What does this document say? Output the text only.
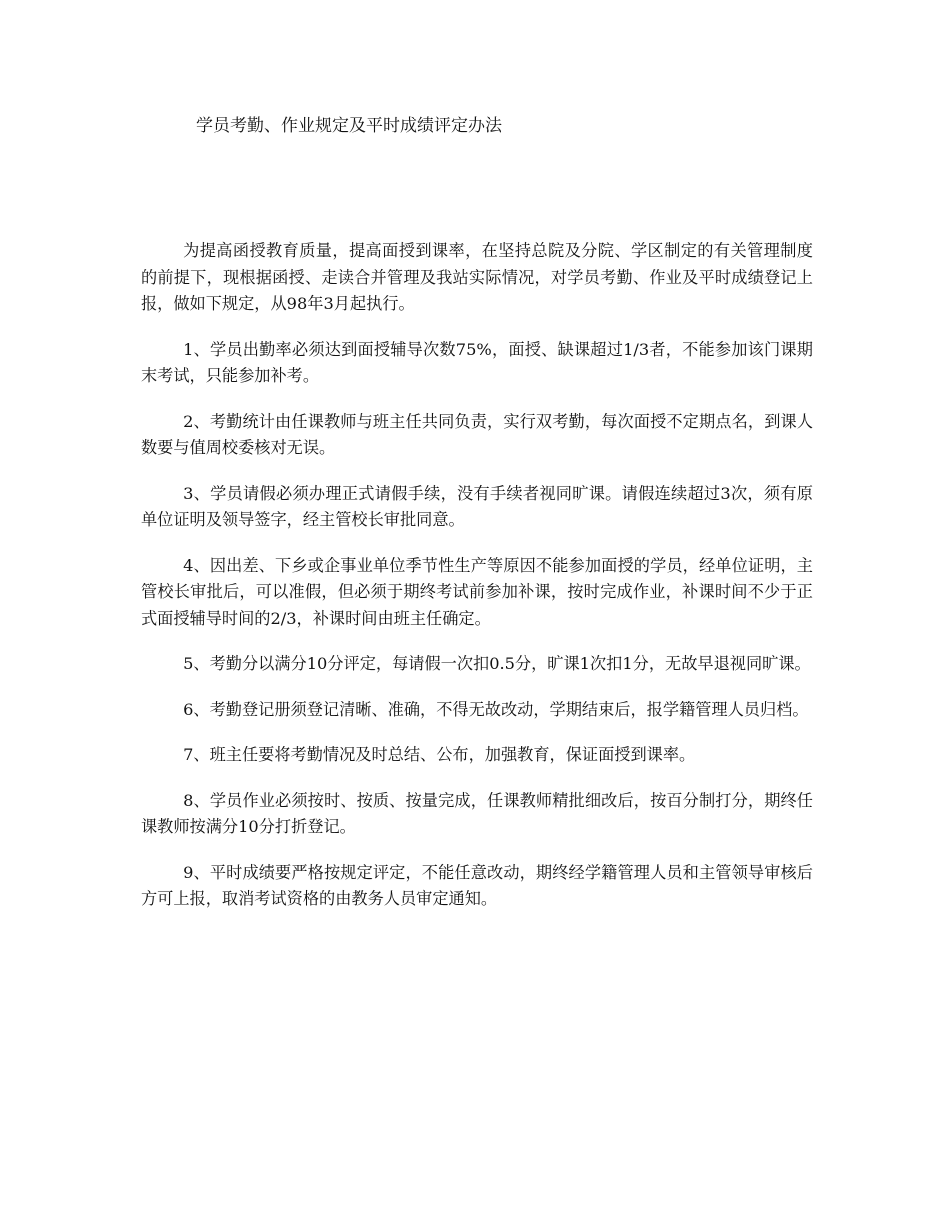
学员考勤、作业规定及平时成绩评定办法

为提高函授教育质量，提高面授到课率，在坚持总院及分院、学区制定的有关管理制度的前提下，现根据函授、走读合并管理及我站实际情况，对学员考勤、作业及平时成绩登记上报，做如下规定，从98年3月起执行。

1、学员出勤率必须达到面授辅导次数75%，面授、缺课超过1/3者，不能参加该门课期末考试，只能参加补考。

2、考勤统计由任课教师与班主任共同负责，实行双考勤，每次面授不定期点名，到课人数要与值周校委核对无误。

3、学员请假必须办理正式请假手续，没有手续者视同旷课。请假连续超过3次，须有原单位证明及领导签字，经主管校长审批同意。

4、因出差、下乡或企事业单位季节性生产等原因不能参加面授的学员，经单位证明，主管校长审批后，可以准假，但必须于期终考试前参加补课，按时完成作业，补课时间不少于正式面授辅导时间的2/3，补课时间由班主任确定。

5、考勤分以满分10分评定，每请假一次扣0.5分，旷课1次扣1分，无故早退视同旷课。

6、考勤登记册须登记清晰、准确，不得无故改动，学期结束后，报学籍管理人员归档。

7、班主任要将考勤情况及时总结、公布，加强教育，保证面授到课率。

8、学员作业必须按时、按质、按量完成，任课教师精批细改后，按百分制打分，期终任课教师按满分10分打折登记。

9、平时成绩要严格按规定评定，不能任意改动，期终经学籍管理人员和主管领导审核后方可上报，取消考试资格的由教务人员审定通知。
